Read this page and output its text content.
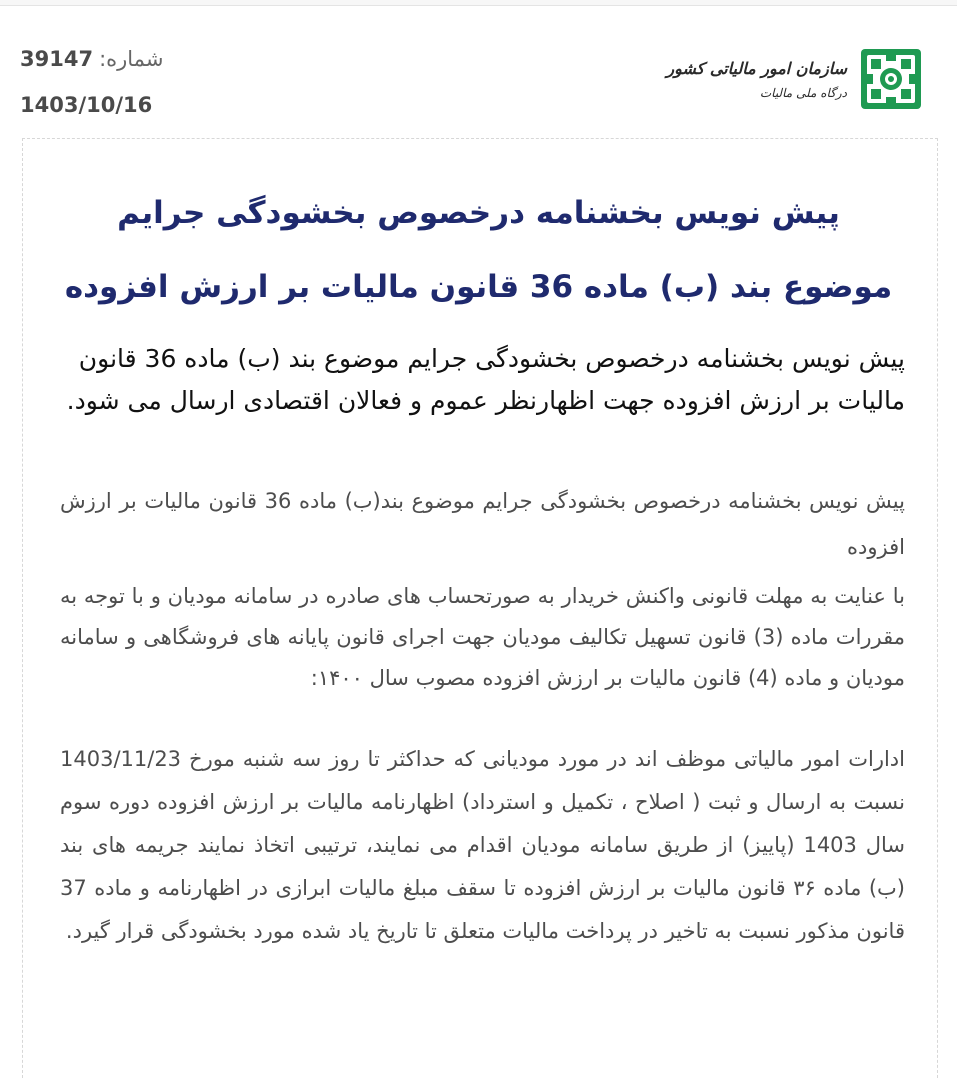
شماره:39147
1403/10/16
سازمان امور مالیاتی کشور
درگاه ملی مالیات
پیش نویس بخشنامه درخصوص بخشودگی جرایم
موضوع بند (ب) ماده 36 قانون مالیات بر ارزش افزوده
پیش نویس بخشنامه درخصوص بخشودگی جرایم موضوع بند (ب) ماده 36 قانون مالیات بر ارزش افزوده جهت اظهارنظر عموم و فعالان اقتصادی ارسال می شود.
پیش نویس بخشنامه درخصوص بخشودگی جرایم موضوع بند(ب) ماده 36 قانون مالیات بر ارزش افزوده
با عنایت به مهلت قانونی واکنش خریدار به صورتحساب های صادره در سامانه مودیان و با توجه به مقررات ماده (3) قانون تسهیل تکالیف مودیان جهت اجرای قانون پایانه های فروشگاهی و سامانه مودیان و ماده (4) قانون مالیات بر ارزش افزوده مصوب سال ۱۴۰۰:
ادارات امور مالیاتی موظف اند در مورد مودیانی که حداکثر تا روز سه شنبه مورخ 1403/11/23 نسبت به ارسال و ثبت ( اصلاح ، تکمیل و استرداد) اظهارنامه مالیات بر ارزش افزوده دوره سوم سال 1403 (پاییز) از طریق سامانه مودیان اقدام می نمایند، ترتیبی اتخاذ نمایند جریمه های بند (ب) ماده ۳۶ قانون مالیات بر ارزش افزوده تا سقف مبلغ مالیات ابرازی در اظهارنامه و ماده 37 قانون مذکور نسبت به تاخیر در پرداخت مالیات متعلق تا تاریخ یاد شده مورد بخشودگی قرار گیرد.
